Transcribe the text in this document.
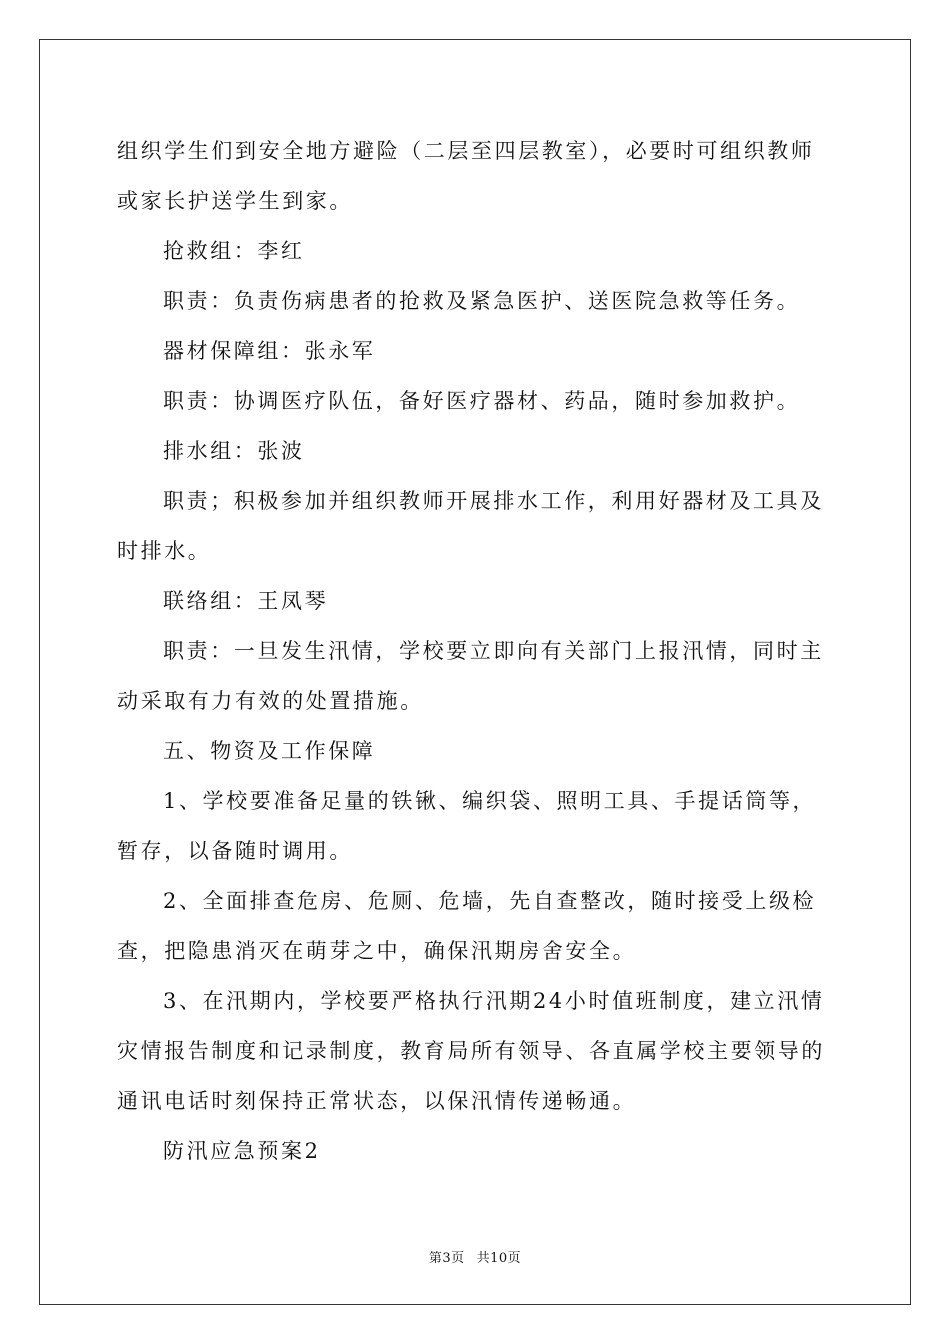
组织学生们到安全地方避险（二层至四层教室），必要时可组织教师或家长护送学生到家。

抢救组：李红

职责：负责伤病患者的抢救及紧急医护、送医院急救等任务。

器材保障组：张永军

职责：协调医疗队伍，备好医疗器材、药品，随时参加救护。

排水组：张波

职责；积极参加并组织教师开展排水工作，利用好器材及工具及时排水。

联络组：王凤琴

职责：一旦发生汛情，学校要立即向有关部门上报汛情，同时主动采取有力有效的处置措施。

五、物资及工作保障

1、学校要准备足量的铁锹、编织袋、照明工具、手提话筒等，暂存，以备随时调用。

2、全面排查危房、危厕、危墙，先自查整改，随时接受上级检查，把隐患消灭在萌芽之中，确保汛期房舍安全。

3、在汛期内，学校要严格执行汛期24小时值班制度，建立汛情灾情报告制度和记录制度，教育局所有领导、各直属学校主要领导的通讯电话时刻保持正常状态，以保汛情传递畅通。

防汛应急预案2

第3页 共10页
